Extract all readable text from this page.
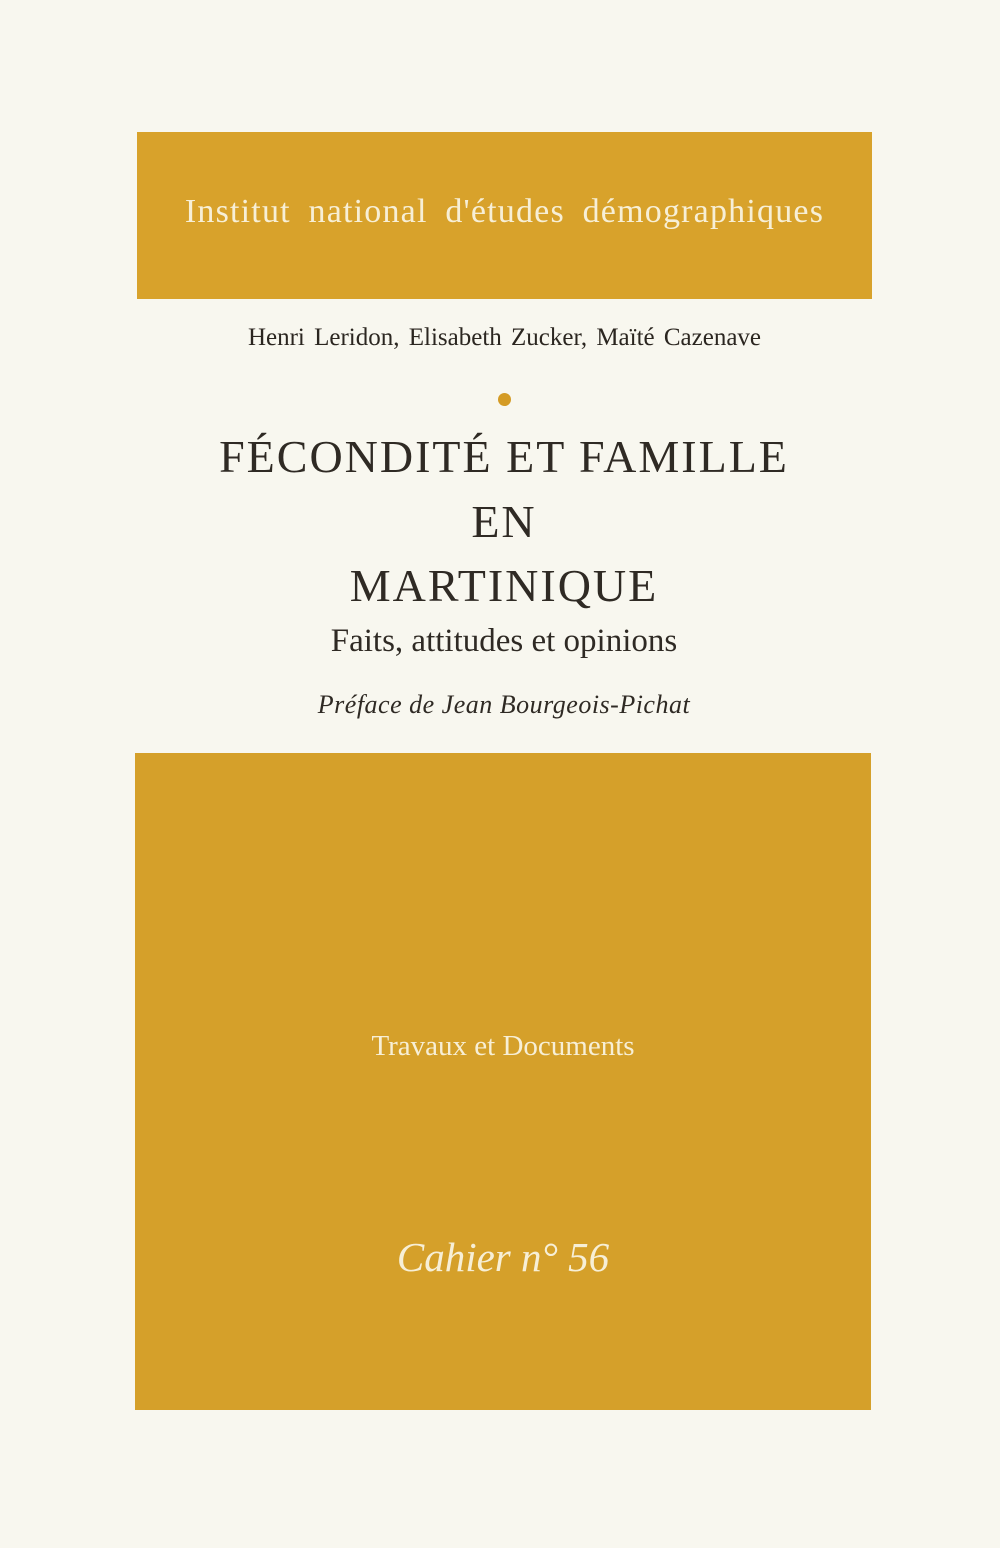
Institut national d'études démographiques
Henri Leridon, Elisabeth Zucker, Maïté Cazenave
FÉCONDITÉ ET FAMILLE
EN
MARTINIQUE
Faits, attitudes et opinions
Préface de Jean Bourgeois-Pichat
Travaux et Documents
Cahier n° 56
